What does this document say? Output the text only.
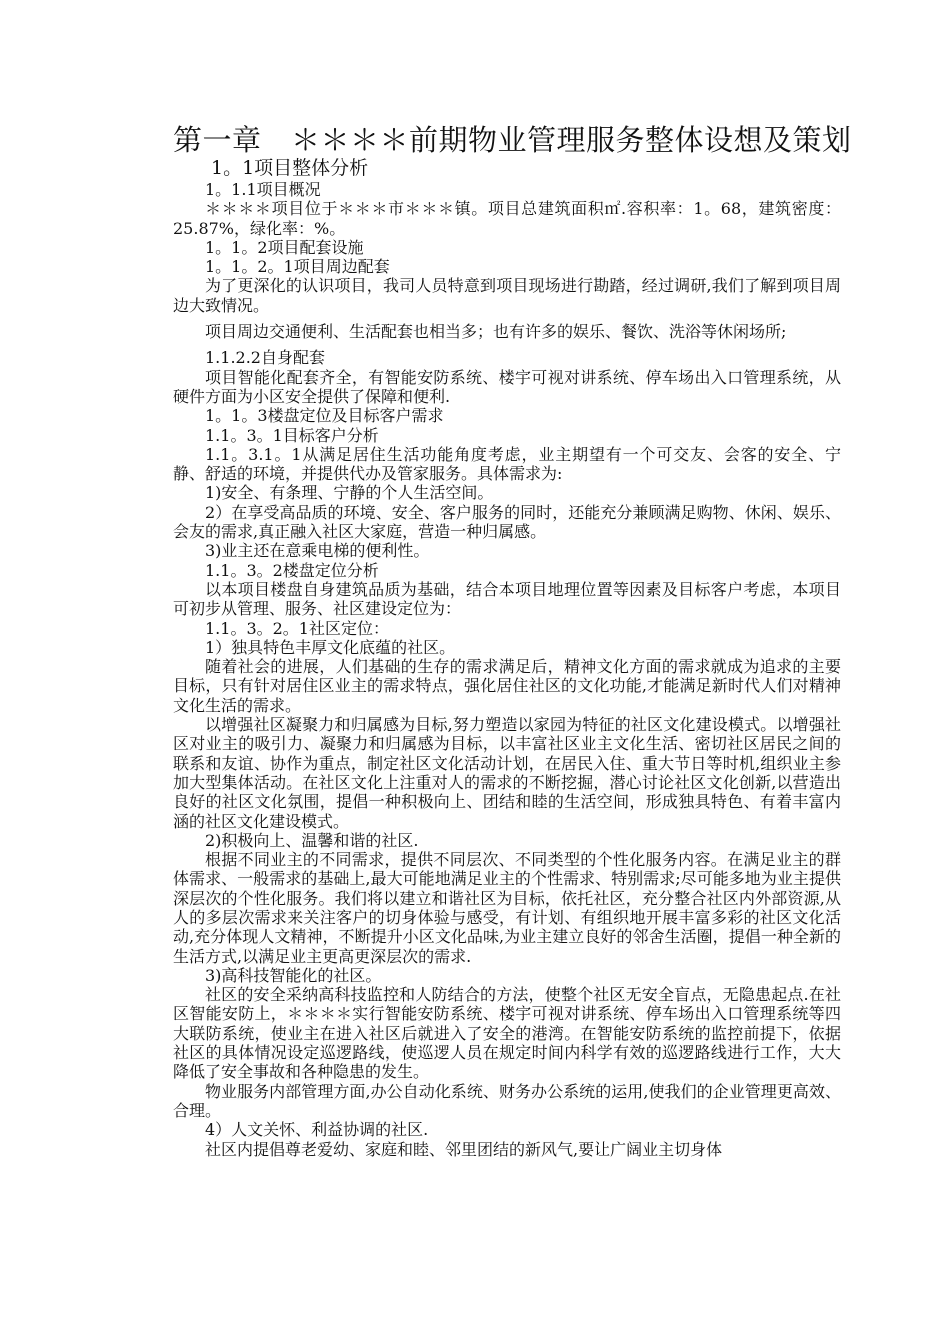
第一章　＊＊＊＊前期物业管理服务整体设想及策划

1。1项目整体分析

1。1.1项目概况

＊＊＊＊项目位于＊＊＊市＊＊＊镇。项目总建筑面积㎡.容积率：1。68，建筑密度：25.87%，绿化率：%。

1。1。2项目配套设施

1。1。2。1项目周边配套

为了更深化的认识项目，我司人员特意到项目现场进行勘踏，经过调研,我们了解到项目周边大致情况。

项目周边交通便利、生活配套也相当多；也有许多的娱乐、餐饮、洗浴等休闲场所;

1.1.2.2自身配套

项目智能化配套齐全，有智能安防系统、楼宇可视对讲系统、停车场出入口管理系统，从硬件方面为小区安全提供了保障和便利.

1。1。3楼盘定位及目标客户需求

1.1。3。1目标客户分析

1.1。3.1。1从满足居住生活功能角度考虑，业主期望有一个可交友、会客的安全、宁静、舒适的环境，并提供代办及管家服务。具体需求为:

1)安全、有条理、宁静的个人生活空间。

2）在享受高品质的环境、安全、客户服务的同时，还能充分兼顾满足购物、休闲、娱乐、会友的需求,真正融入社区大家庭，营造一种归属感。

3)业主还在意乘电梯的便利性。

1.1。3。2楼盘定位分析

以本项目楼盘自身建筑品质为基础，结合本项目地理位置等因素及目标客户考虑，本项目可初步从管理、服务、社区建设定位为：

1.1。3。2。1社区定位：

1）独具特色丰厚文化底蕴的社区。

随着社会的进展，人们基础的生存的需求满足后，精神文化方面的需求就成为追求的主要目标，只有针对居住区业主的需求特点，强化居住社区的文化功能,才能满足新时代人们对精神文化生活的需求。

以增强社区凝聚力和归属感为目标,努力塑造以家园为特征的社区文化建设模式。以增强社区对业主的吸引力、凝聚力和归属感为目标，以丰富社区业主文化生活、密切社区居民之间的联系和友谊、协作为重点，制定社区文化活动计划，在居民入住、重大节日等时机,组织业主参加大型集体活动。在社区文化上注重对人的需求的不断挖掘，潜心讨论社区文化创新,以营造出良好的社区文化氛围，提倡一种积极向上、团结和睦的生活空间，形成独具特色、有着丰富内涵的社区文化建设模式。

2)积极向上、温馨和谐的社区.

根据不同业主的不同需求，提供不同层次、不同类型的个性化服务内容。在满足业主的群体需求、一般需求的基础上,最大可能地满足业主的个性需求、特别需求;尽可能多地为业主提供深层次的个性化服务。我们将以建立和谐社区为目标，依托社区，充分整合社区内外部资源,从人的多层次需求来关注客户的切身体验与感受，有计划、有组织地开展丰富多彩的社区文化活动,充分体现人文精神，不断提升小区文化品味,为业主建立良好的邻舍生活圈，提倡一种全新的生活方式,以满足业主更高更深层次的需求.

3)高科技智能化的社区。

社区的安全采纳高科技监控和人防结合的方法，使整个社区无安全盲点，无隐患起点.在社区智能安防上，＊＊＊＊实行智能安防系统、楼宇可视对讲系统、停车场出入口管理系统等四大联防系统，使业主在进入社区后就进入了安全的港湾。在智能安防系统的监控前提下，依据社区的具体情况设定巡逻路线，使巡逻人员在规定时间内科学有效的巡逻路线进行工作，大大降低了安全事故和各种隐患的发生。

物业服务内部管理方面,办公自动化系统、财务办公系统的运用,使我们的企业管理更高效、合理。

4）人文关怀、利益协调的社区.

社区内提倡尊老爱幼、家庭和睦、邻里团结的新风气,要让广阔业主切身体
